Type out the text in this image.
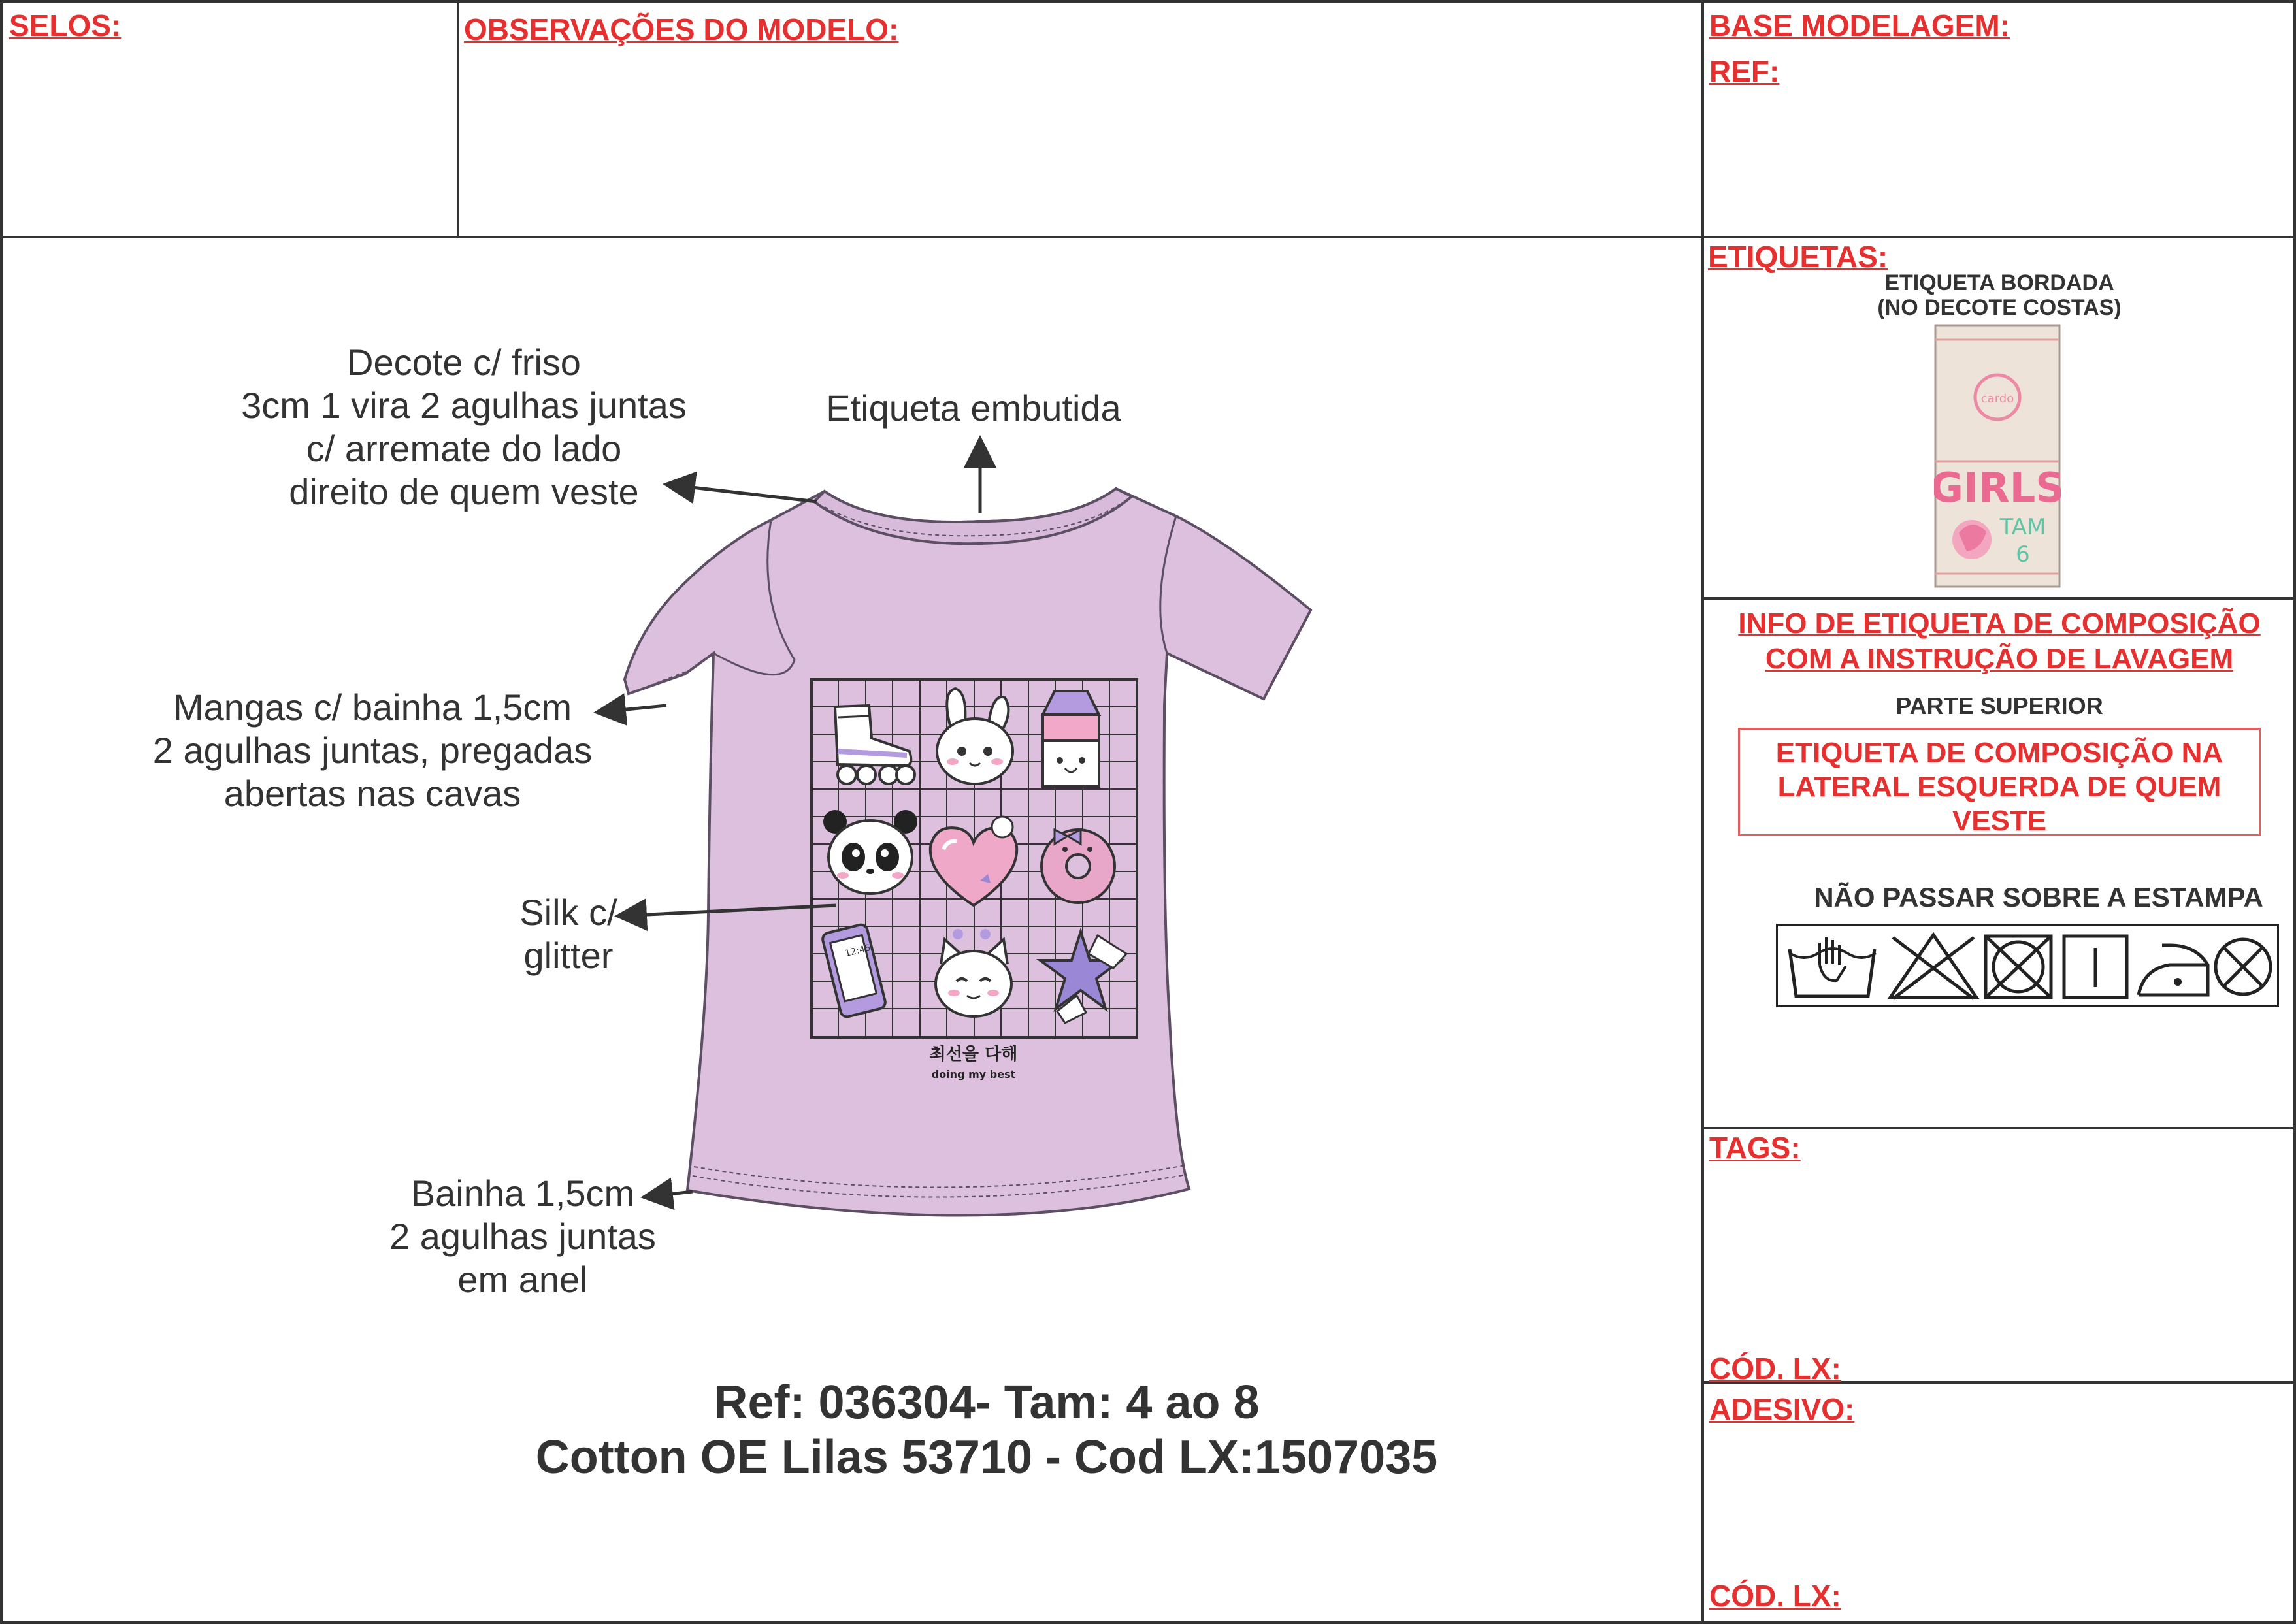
SELOS:	OBSERVAÇÕES DO MODELO:	BASE MODELAGEM:
REF:
ETIQUETAS:
ETIQUETA BORDADA
(NO DECOTE COSTAS)
cardo
GIRLS
TAM
6
INFO DE ETIQUETA DE COMPOSIÇÃO
COM A INSTRUÇÃO DE LAVAGEM
PARTE SUPERIOR
ETIQUETA DE COMPOSIÇÃO NA
LATERAL ESQUERDA DE QUEM
VESTE
NÃO PASSAR SOBRE A ESTAMPA
TAGS:
CÓD. LX:
ADESIVO:
CÓD. LX:
Decote c/ friso
3cm 1 vira 2 agulhas juntas
c/ arremate do lado
direito de quem veste
Etiqueta embutida
Mangas c/ bainha 1,5cm
2 agulhas juntas, pregadas
abertas nas cavas
Silk c/
glitter
Bainha 1,5cm
2 agulhas juntas
em anel
12:45
최선을 다해
doing my best
Ref: 036304- Tam: 4 ao 8
Cotton OE Lilas 53710 - Cod LX:1507035
